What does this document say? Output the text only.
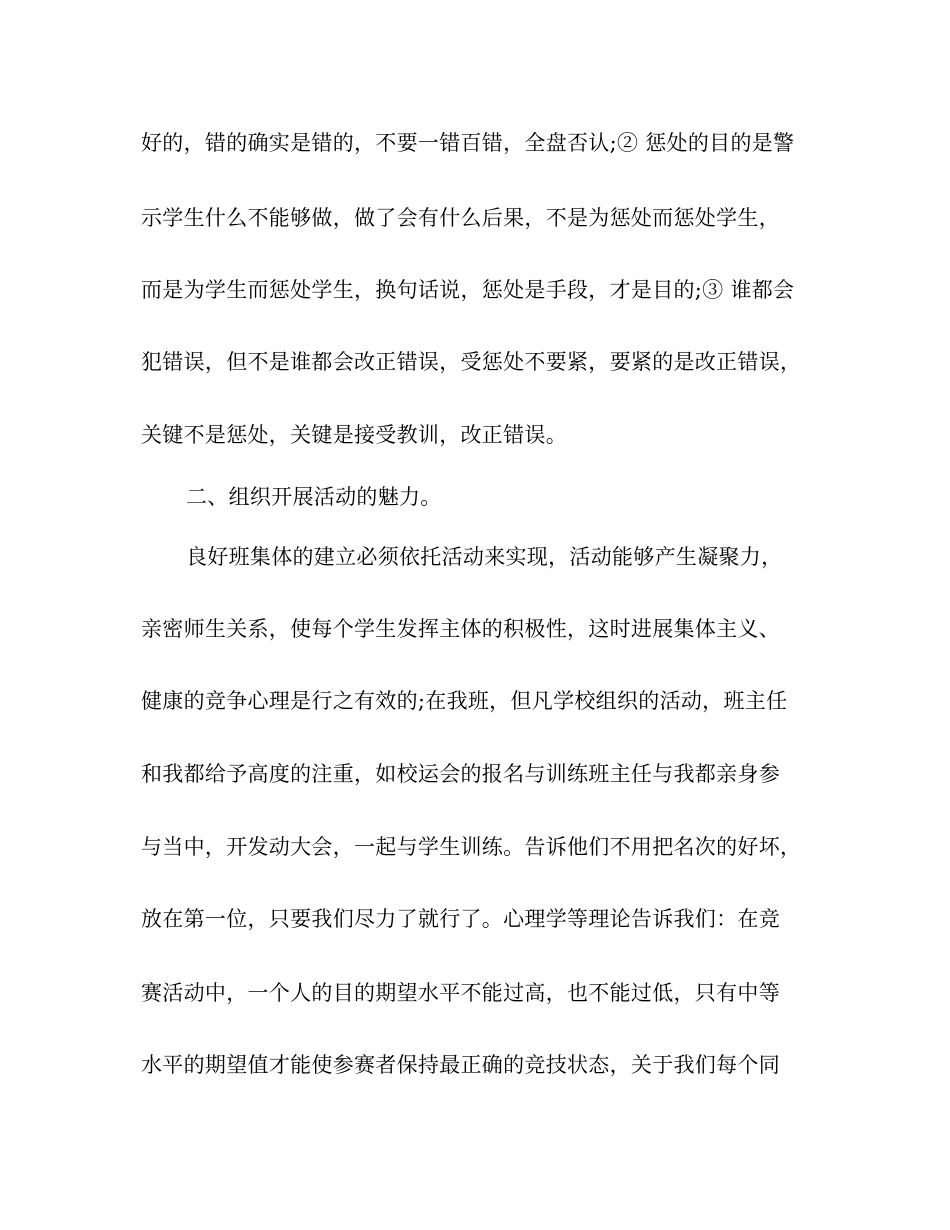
好的，错的确实是错的，不要一错百错，全盘否认;② 惩处的目的是警
示学生什么不能够做，做了会有什么后果，不是为惩处而惩处学生，
而是为学生而惩处学生，换句话说，惩处是手段，才是目的;③ 谁都会
犯错误，但不是谁都会改正错误，受惩处不要紧，要紧的是改正错误，
关键不是惩处，关键是接受教训，改正错误。
二、组织开展活动的魅力。
良好班集体的建立必须依托活动来实现，活动能够产生凝聚力，
亲密师生关系，使每个学生发挥主体的积极性，这时进展集体主义、
健康的竞争心理是行之有效的;在我班，但凡学校组织的活动，班主任
和我都给予高度的注重，如校运会的报名与训练班主任与我都亲身参
与当中，开发动大会，一起与学生训练。告诉他们不用把名次的好坏，
放在第一位，只要我们尽力了就行了。心理学等理论告诉我们：在竞
赛活动中，一个人的目的期望水平不能过高，也不能过低，只有中等
水平的期望值才能使参赛者保持最正确的竞技状态，关于我们每个同
